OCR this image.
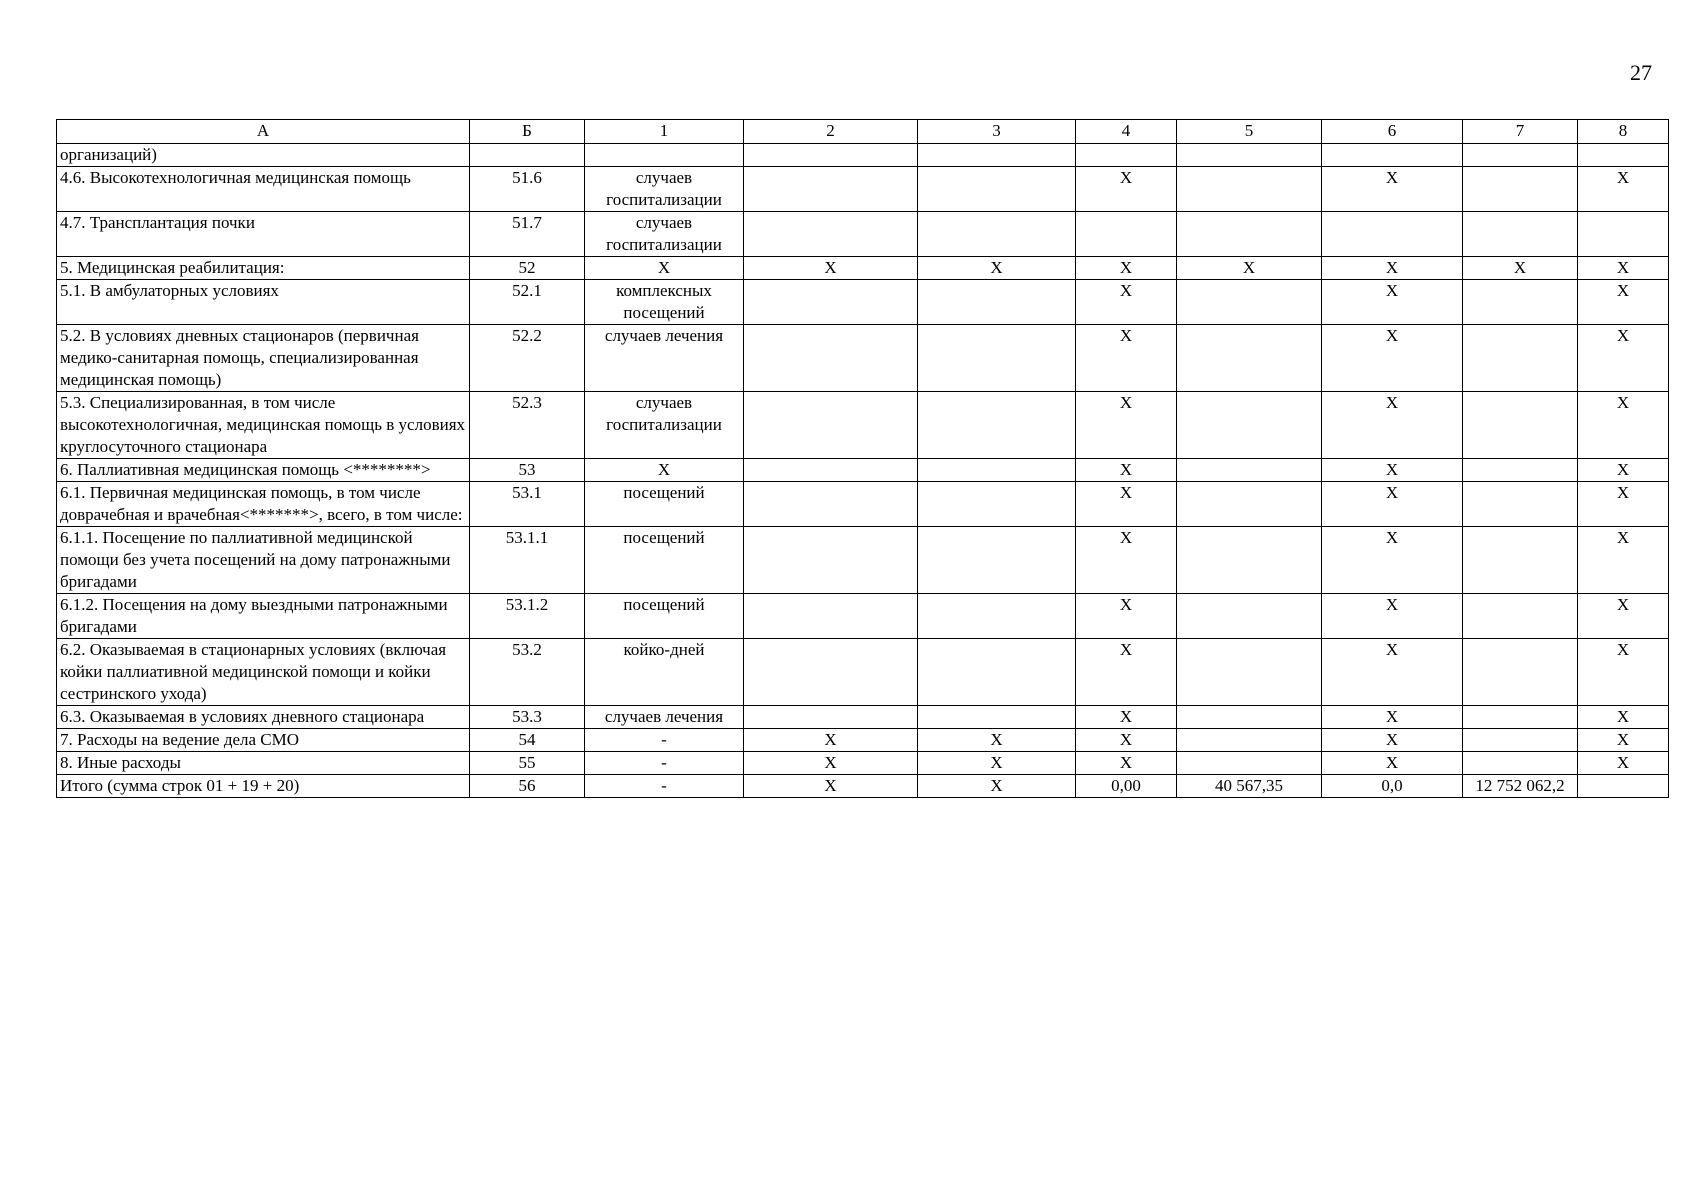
27
А	Б	1	2	3	4	5	6	7	8
организаций)									
4.6. Высокотехнологичная медицинская помощь	51.6	случаев госпитализации			X		X		X
4.7. Трансплантация почки	51.7	случаев госпитализации							
5. Медицинская реабилитация:	52	X	X	X	X	X	X	X	X
5.1. В амбулаторных условиях	52.1	комплексных посещений			X		X		X
5.2. В условиях дневных стационаров (первичная медико-санитарная помощь, специализированная медицинская помощь)	52.2	случаев лечения			X		X		X
5.3. Специализированная, в том числе высокотехнологичная, медицинская помощь в условиях круглосуточного стационара	52.3	случаев госпитализации			X		X		X
6. Паллиативная медицинская помощь <********>	53	X			X		X		X
6.1. Первичная медицинская помощь, в том числе доврачебная и врачебная<*******>, всего, в том числе:	53.1	посещений			X		X		X
6.1.1. Посещение по паллиативной медицинской помощи без учета посещений на дому патронажными бригадами	53.1.1	посещений			X		X		X
6.1.2. Посещения на дому выездными патронажными бригадами	53.1.2	посещений			X		X		X
6.2. Оказываемая в стационарных условиях (включая койки паллиативной медицинской помощи и койки сестринского ухода)	53.2	койко-дней			X		X		X
6.3. Оказываемая в условиях дневного стационара	53.3	случаев лечения			X		X		X
7. Расходы на ведение дела СМО	54	-	X	X	X		X		X
8. Иные расходы	55	-	X	X	X		X		X
Итого (сумма строк 01 + 19 + 20)	56	-	X	X	0,00	40 567,35	0,0	12 752 062,2	
